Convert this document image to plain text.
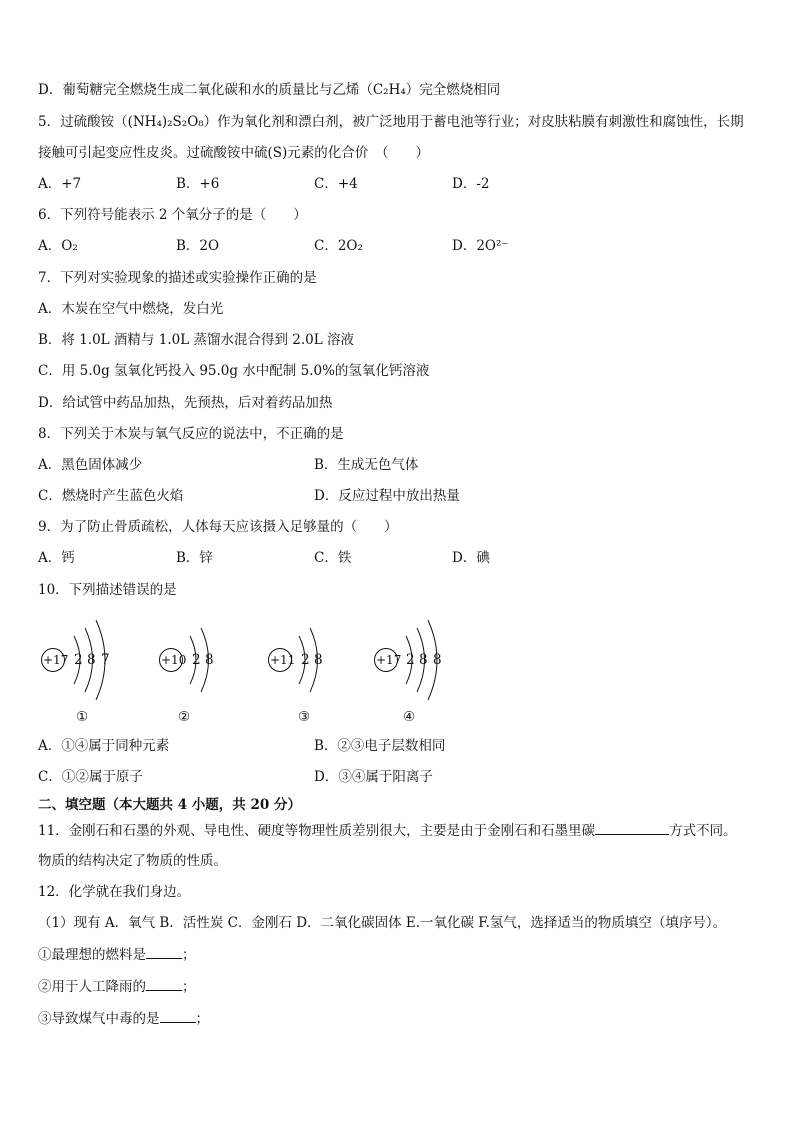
D．葡萄糖完全燃烧生成二氧化碳和水的质量比与乙烯（C₂H₄）完全燃烧相同
5．过硫酸铵（(NH₄)₂S₂O₈）作为氧化剂和漂白剂，被广泛地用于蓄电池等行业；对皮肤粘膜有刺激性和腐蚀性，长期
接触可引起变应性皮炎。过硫酸铵中硫(S)元素的化合价　（　　）
A．+7	B．+6	C．+4	D．-2
6．下列符号能表示 2 个氧分子的是（　　）
A．O₂	B．2O	C．2O₂	D．2O²⁻
7．下列对实验现象的描述或实验操作正确的是
A．木炭在空气中燃烧，发白光
B．将 1.0L 酒精与 1.0L 蒸馏水混合得到 2.0L 溶液
C．用 5.0g 氢氧化钙投入 95.0g 水中配制 5.0%的氢氧化钙溶液
D．给试管中药品加热，先预热，后对着药品加热
8．下列关于木炭与氧气反应的说法中，不正确的是
A．黑色固体减少	B．生成无色气体
C．燃烧时产生蓝色火焰	D．反应过程中放出热量
9．为了防止骨质疏松，人体每天应该摄入足够量的（　　）
A．钙	B．锌	C．铁	D．碘
10．下列描述错误的是
+17 2 8 7
①
+10 2 8
②
+11 2 8
③
+17 2 8 8
④
A．①④属于同种元素	B．②③电子层数相同
C．①②属于原子	D．③④属于阳离子
二、填空题（本大题共 4 小题，共 20 分）
11．金刚石和石墨的外观、导电性、硬度等物理性质差别很大，主要是由于金刚石和石墨里碳	方式不同。
物质的结构决定了物质的性质。
12．化学就在我们身边。
（1）现有 A．氧气 B．活性炭 C．金刚石 D．二氧化碳固体 E.一氧化碳 F.氢气，选择适当的物质填空（填序号）。
①最理想的燃料是	；
②用于人工降雨的	；
③导致煤气中毒的是	；
